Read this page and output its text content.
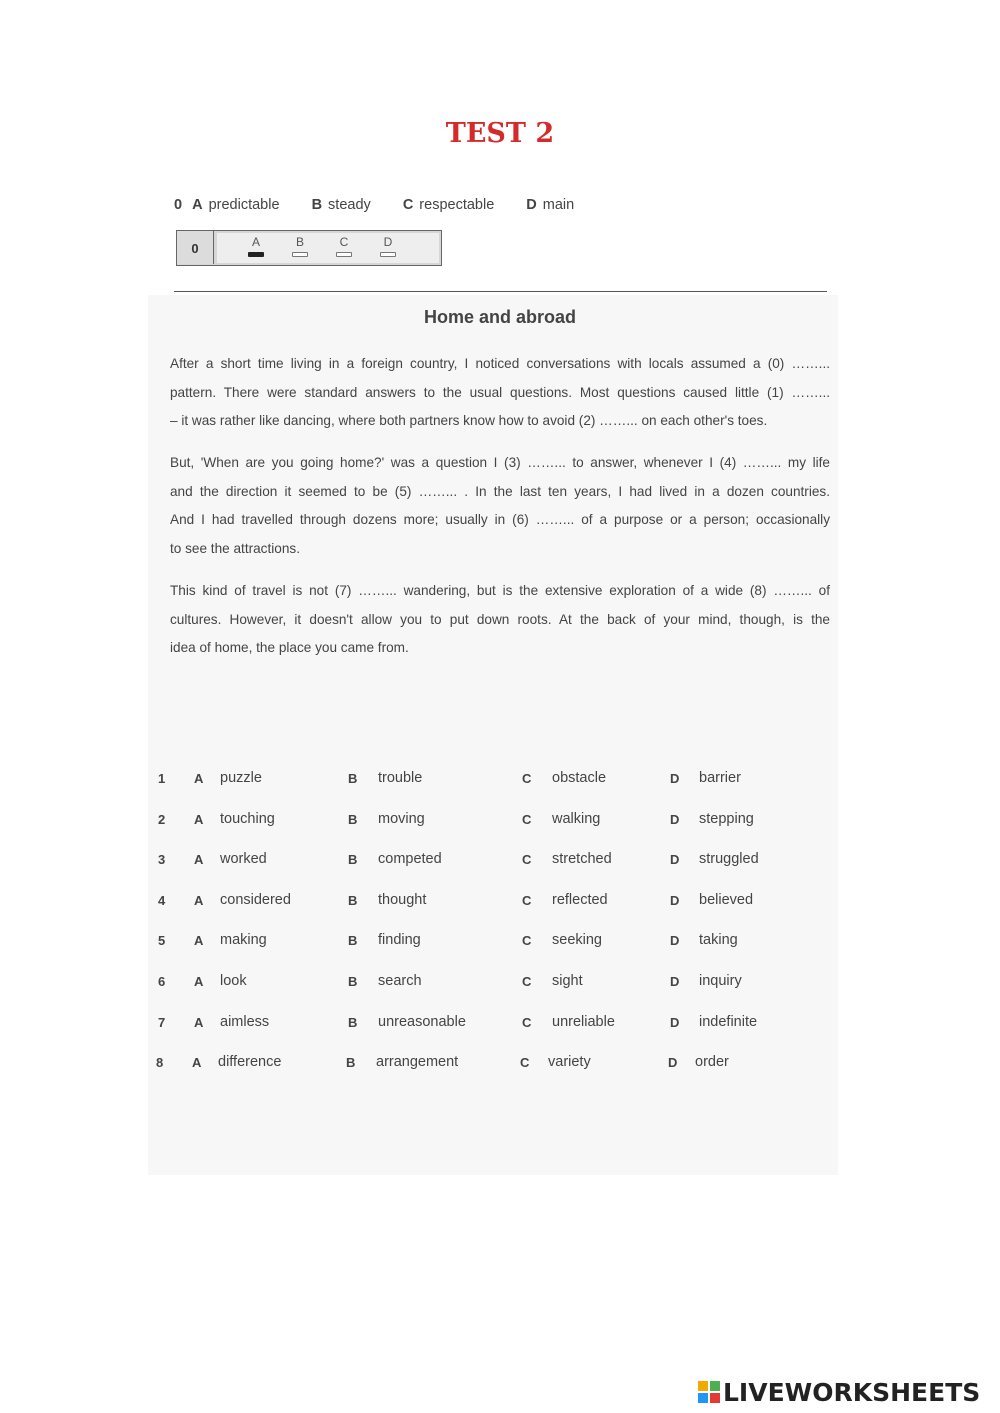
TEST 2
0 A predictable B steady C respectable D main
0	A	B	C	D
Home and abroad

After a short time living in a foreign country, I noticed conversations with locals assumed a (0) ……...

pattern. There were standard answers to the usual questions. Most questions caused little (1) ……...

– it was rather like dancing, where both partners know how to avoid (2) ……... on each other's toes.

But, 'When are you going home?' was a question I (3) ……... to answer, whenever I (4) ……... my life

and the direction it seemed to be (5) ……... . In the last ten years, I had lived in a dozen countries.

And I had travelled through dozens more; usually in (6) ……... of a purpose or a person; occasionally

to see the attractions.

This kind of travel is not (7) ……... wandering, but is the extensive exploration of a wide (8) ……... of

cultures. However, it doesn't allow you to put down roots. At the back of your mind, though, is the

idea of home, the place you came from.

1 A puzzle	B trouble	C obstacle	D barrier
2 A touching	B moving	C walking	D stepping
3 A worked	B competed	C stretched	D struggled
4 A considered	B thought	C reflected	D believed
5 A making	B finding	C seeking	D taking
6 A look	B search	C sight	D inquiry
7 A aimless	B unreasonable	C unreliable	D indefinite
8 A difference	B arrangement	C variety	D order
LIVEWORKSHEETS
